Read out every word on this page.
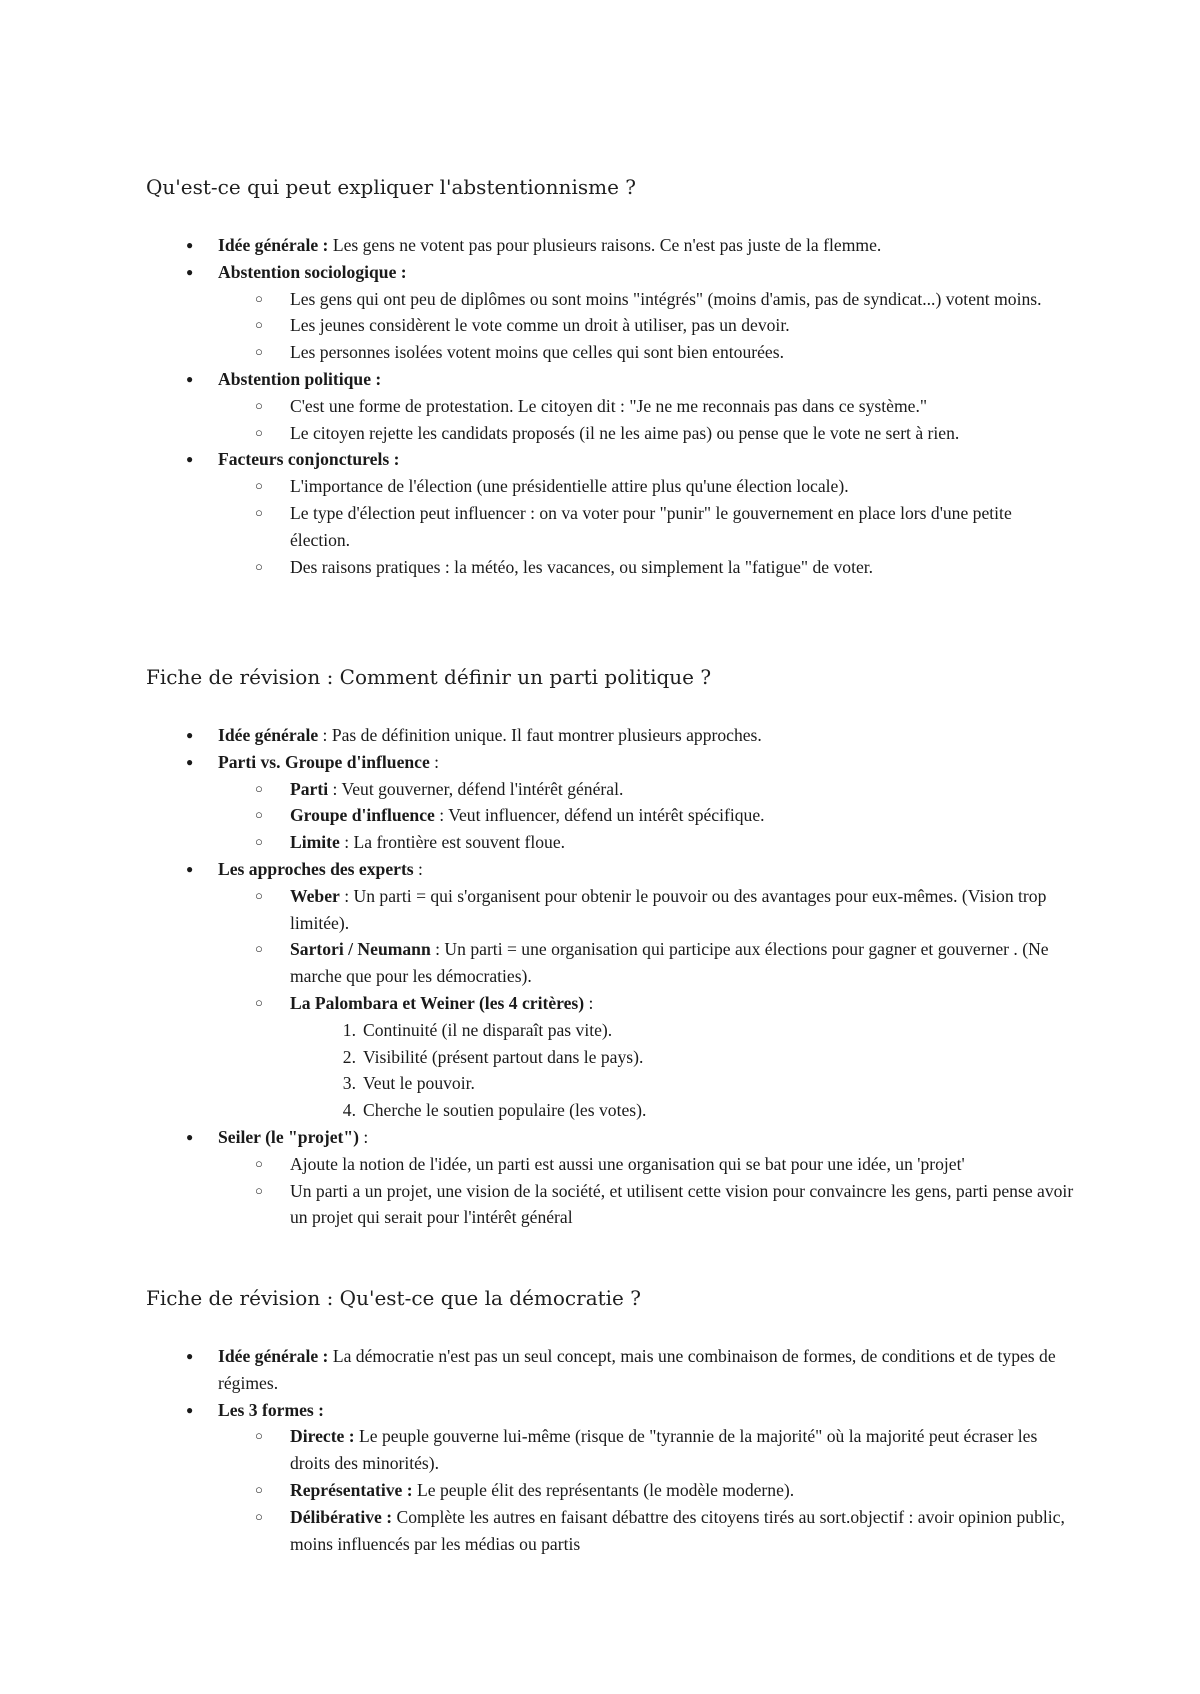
Qu'est-ce qui peut expliquer l'abstentionnisme ?
● Idée générale : Les gens ne votent pas pour plusieurs raisons. Ce n'est pas juste de la flemme.
● Abstention sociologique :
○ Les gens qui ont peu de diplômes ou sont moins "intégrés" (moins d'amis, pas de syndicat...) votent moins.
○ Les jeunes considèrent le vote comme un droit à utiliser, pas un devoir.
○ Les personnes isolées votent moins que celles qui sont bien entourées.
● Abstention politique :
○ C'est une forme de protestation. Le citoyen dit : "Je ne me reconnais pas dans ce système."
○ Le citoyen rejette les candidats proposés (il ne les aime pas) ou pense que le vote ne sert à rien.
● Facteurs conjoncturels :
○ L'importance de l'élection (une présidentielle attire plus qu'une élection locale).
○ Le type d'élection peut influencer : on va voter pour "punir" le gouvernement en place lors d'une petite élection.
○ Des raisons pratiques : la météo, les vacances, ou simplement la "fatigue" de voter.
Fiche de révision : Comment définir un parti politique ?
● Idée générale : Pas de définition unique. Il faut montrer plusieurs approches.
● Parti vs. Groupe d'influence :
○ Parti : Veut gouverner, défend l'intérêt général.
○ Groupe d'influence : Veut influencer, défend un intérêt spécifique.
○ Limite : La frontière est souvent floue.
● Les approches des experts :
○ Weber : Un parti = qui s'organisent pour obtenir le pouvoir ou des avantages pour eux-mêmes. (Vision trop limitée).
○ Sartori / Neumann : Un parti = une organisation qui participe aux élections pour gagner et gouverner . (Ne marche que pour les démocraties).
○ La Palombara et Weiner (les 4 critères) :
1. Continuité (il ne disparaît pas vite).
2. Visibilité (présent partout dans le pays).
3. Veut le pouvoir.
4. Cherche le soutien populaire (les votes).
● Seiler (le "projet") :
○ Ajoute la notion de l'idée, un parti est aussi une organisation qui se bat pour une idée, un 'projet'
○ Un parti a un projet, une vision de la société, et utilisent cette vision pour convaincre les gens, parti pense avoir un projet qui serait pour l'intérêt général
Fiche de révision : Qu'est-ce que la démocratie ?
● Idée générale : La démocratie n'est pas un seul concept, mais une combinaison de formes, de conditions et de types de régimes.
● Les 3 formes :
○ Directe : Le peuple gouverne lui-même (risque de "tyrannie de la majorité" où la majorité peut écraser les droits des minorités).
○ Représentative : Le peuple élit des représentants (le modèle moderne).
○ Délibérative : Complète les autres en faisant débattre des citoyens tirés au sort.objectif : avoir opinion public, moins influencés par les médias ou partis
